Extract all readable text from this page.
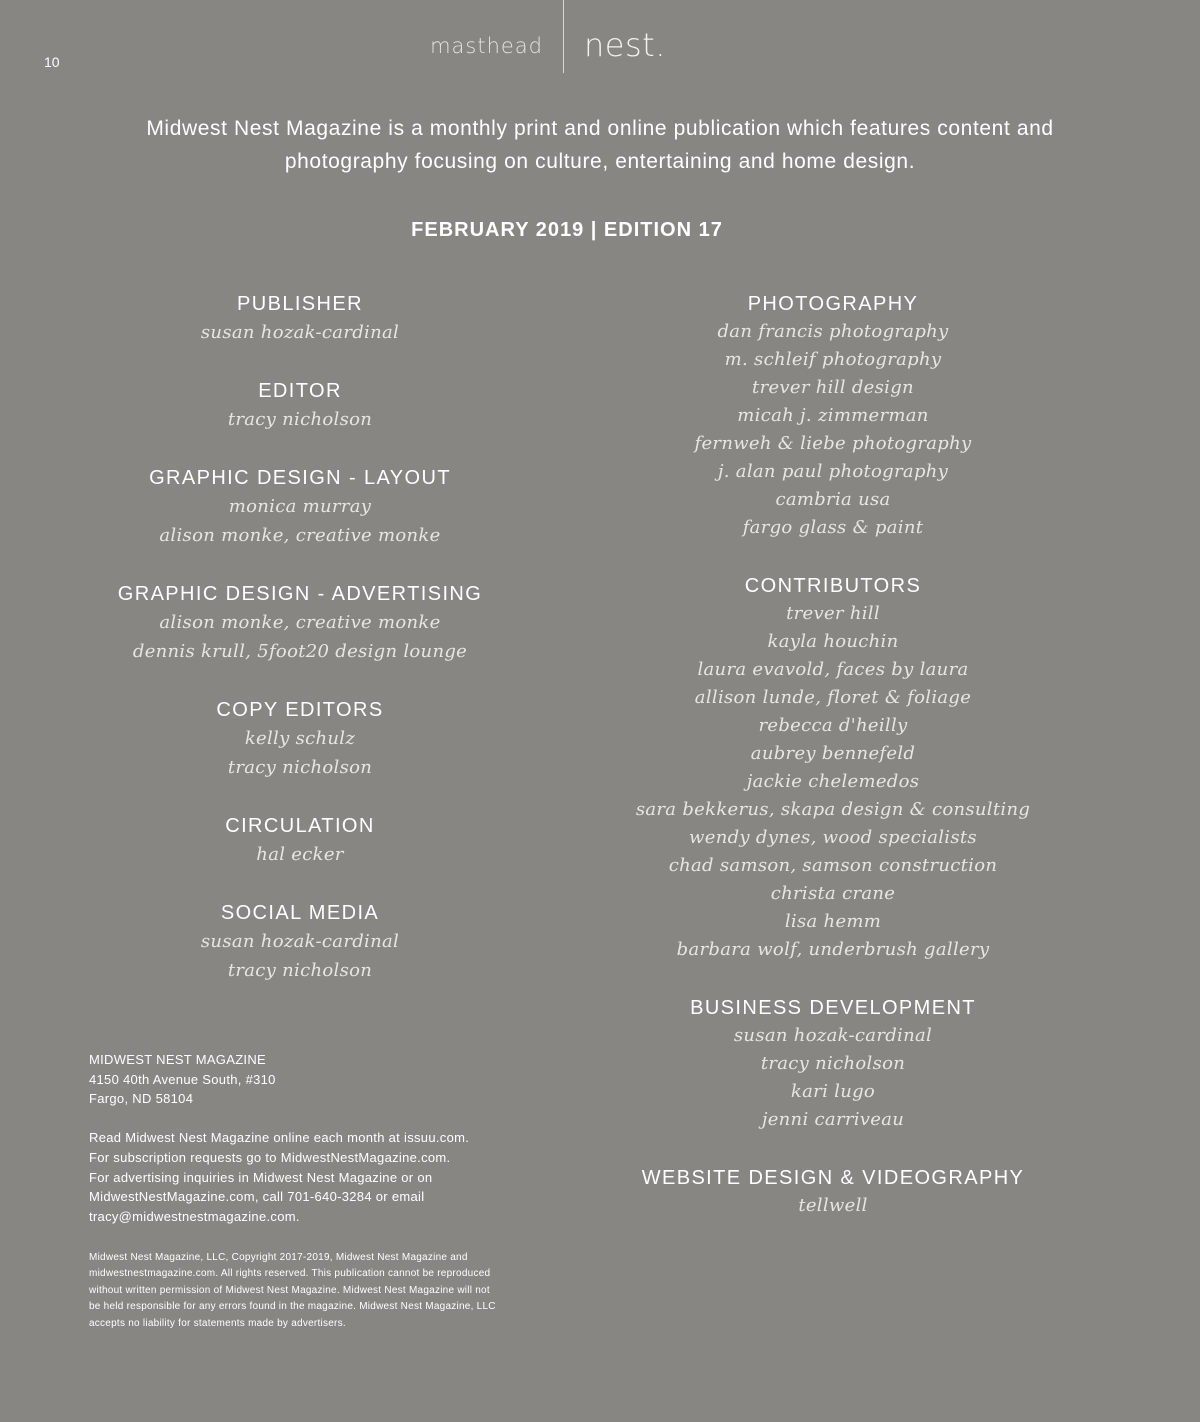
10
masthead nest.
Midwest Nest Magazine is a monthly print and online publication which features content and photography focusing on culture, entertaining and home design.
FEBRUARY 2019 | EDITION 17
PUBLISHER
susan hozak-cardinal
EDITOR
tracy nicholson
GRAPHIC DESIGN - LAYOUT
monica murray
alison monke, creative monke
GRAPHIC DESIGN - ADVERTISING
alison monke, creative monke
dennis krull, 5foot20 design lounge
COPY EDITORS
kelly schulz
tracy nicholson
CIRCULATION
hal ecker
SOCIAL MEDIA
susan hozak-cardinal
tracy nicholson
PHOTOGRAPHY
dan francis photography
m. schleif photography
trever hill design
micah j. zimmerman
fernweh & liebe photography
j. alan paul photography
cambria usa
fargo glass & paint
CONTRIBUTORS
trever hill
kayla houchin
laura evavold, faces by laura
allison lunde, floret & foliage
rebecca d'heilly
aubrey bennefeld
jackie chelemedos
sara bekkerus, skapa design & consulting
wendy dynes, wood specialists
chad samson, samson construction
christa crane
lisa hemm
barbara wolf, underbrush gallery
BUSINESS DEVELOPMENT
susan hozak-cardinal
tracy nicholson
kari lugo
jenni carriveau
WEBSITE DESIGN & VIDEOGRAPHY
tellwell

MIDWEST NEST MAGAZINE
4150 40th Avenue South, #310
Fargo, ND 58104

Read Midwest Nest Magazine online each month at issuu.com.
For subscription requests go to MidwestNestMagazine.com.
For advertising inquiries in Midwest Nest Magazine or on
MidwestNestMagazine.com, call 701-640-3284 or email
tracy@midwestnestmagazine.com.

Midwest Nest Magazine, LLC, Copyright 2017-2019, Midwest Nest Magazine and
midwestnestmagazine.com. All rights reserved. This publication cannot be reproduced
without written permission of Midwest Nest Magazine. Midwest Nest Magazine will not
be held responsible for any errors found in the magazine. Midwest Nest Magazine, LLC
accepts no liability for statements made by advertisers.
